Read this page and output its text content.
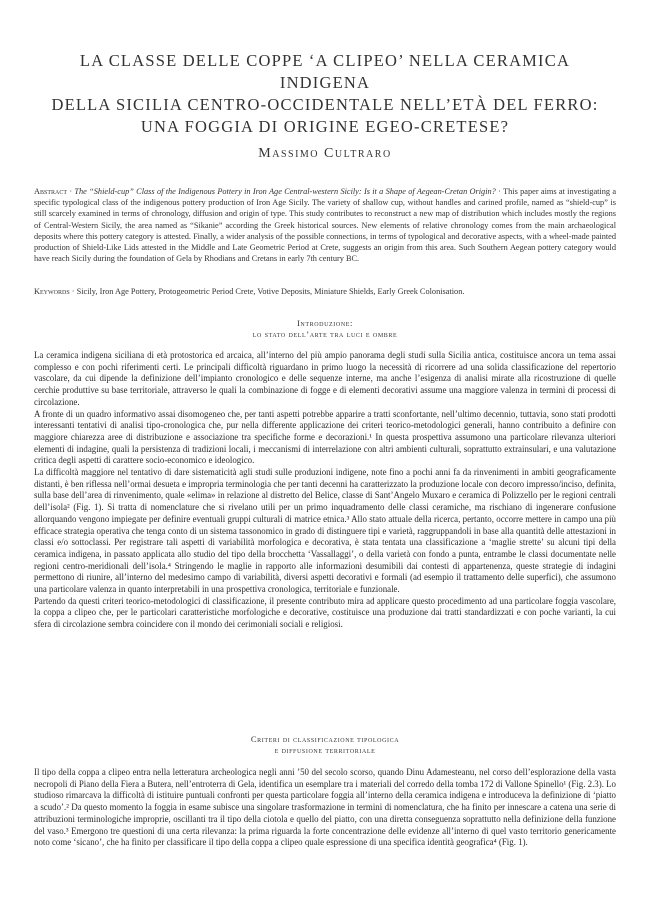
LA CLASSE DELLE COPPE ‘A CLIPEO’ NELLA CERAMICA
INDIGENA
DELLA SICILIA CENTRO-OCCIDENTALE NELL’ETÀ DEL FERRO:
UNA FOGGIA DI ORIGINE EGEO-CRETESE?
Massimo Cultraro
Abstract · The “Shield-cup” Class of the Indigenous Pottery in Iron Age Central-western Sicily: Is it a Shape of Aegean-Cretan Origin? · This paper aims at investigating a specific typological class of the indigenous pottery production of Iron Age Sicily. The variety of shallow cup, without handles and carined profile, named as “shield-cup” is still scarcely examined in terms of chronology, diffusion and origin of type. This study contributes to reconstruct a new map of distribution which includes mostly the regions of Central-Western Sicily, the area named as “Sikanie” according the Greek historical sources. New elements of relative chronology comes from the main archaeological deposits where this pottery category is attested. Finally, a wider analysis of the possible connections, in terms of typological and decorative aspects, with a wheel-made painted production of Shield-Like Lids attested in the Middle and Late Geometric Period at Crete, suggests an origin from this area. Such Southern Aegean pottery category would have reach Sicily during the foundation of Gela by Rhodians and Cretans in early 7th century BC.
Keywords · Sicily, Iron Age Pottery, Protogeometric Period Crete, Votive Deposits, Miniature Shields, Early Greek Colonisation.
Introduzione:
lo stato dell’arte tra luci e ombre

La ceramica indigena siciliana di età protostorica ed arcaica, all’interno del più ampio panorama degli studi sulla Sicilia antica, costituisce ancora un tema assai complesso e con pochi riferimenti certi. Le principali difficoltà riguardano in primo luogo la necessità di ricorrere ad una solida classificazione del repertorio vascolare, da cui dipende la definizione dell’impianto cronologico e delle sequenze interne, ma anche l’esigenza di analisi mirate alla ricostruzione di quelle cerchie produttive su base territoriale, attraverso le quali la combinazione di fogge e di elementi decorativi assume una maggiore valenza in termini di processi di circolazione.

A fronte di un quadro informativo assai disomogeneo che, per tanti aspetti potrebbe apparire a tratti sconfortante, nell’ultimo decennio, tuttavia, sono stati prodotti interessanti tentativi di analisi tipo-cronologica che, pur nella differente applicazione dei criteri teorico-metodologici generali, hanno contribuito a definire con maggiore chiarezza aree di distribuzione e associazione tra specifiche forme e decorazioni.¹ In questa prospettiva assumono una particolare rilevanza ulteriori elementi di indagine, quali la persistenza di tradizioni locali, i meccanismi di interrelazione con altri ambienti culturali, soprattutto extrainsulari, e una valutazione critica degli aspetti di carattere socio-economico e ideologico.

La difficoltà maggiore nel tentativo di dare sistematicità agli studi sulle produzioni indigene, note fino a pochi anni fa da rinvenimenti in ambiti geograficamente distanti, è ben riflessa nell’ormai desueta e impropria terminologia che per tanti decenni ha caratterizzato la produzione locale con decoro impresso/inciso, definita, sulla base dell’area di rinvenimento, quale «elima» in relazione al distretto del Belice, classe di Sant’Angelo Muxaro e ceramica di Polizzello per le regioni centrali dell’isola² (Fig. 1). Si tratta di nomenclature che si rivelano utili per un primo inquadramento delle classi ceramiche, ma rischiano di ingenerare confusione allorquando vengono impiegate per definire eventuali gruppi culturali di matrice etnica.³ Allo stato attuale della ricerca, pertanto, occorre mettere in campo una più efficace strategia operativa che tenga conto di un sistema tassonomico in grado di distinguere tipi e varietà, raggruppandoli in base alla quantità delle attestazioni in classi e/o sottoclassi. Per registrare tali aspetti di variabilità morfologica e decorativa, è stata tentata una classificazione a ‘maglie strette’ su alcuni tipi della ceramica indigena, in passato applicata allo studio del tipo della brocchetta ‘Vassallaggi’, o della varietà con fondo a punta, entrambe le classi documentate nelle regioni centro-meridionali dell’isola.⁴ Stringendo le maglie in rapporto alle informazioni desumibili dai contesti di appartenenza, queste strategie di indagini permettono di riunire, all’interno del medesimo campo di variabilità, diversi aspetti decorativi e formali (ad esempio il trattamento delle superfici), che assumono una particolare valenza in quanto interpretabili in una prospettiva cronologica, territoriale e funzionale.

Partendo da questi criteri teorico-metodologici di classificazione, il presente contributo mira ad applicare questo procedimento ad una particolare foggia vascolare, la coppa a clipeo che, per le particolari caratteristiche morfologiche e decorative, costituisce una produzione dai tratti standardizzati e con poche varianti, la cui sfera di circolazione sembra coincidere con il mondo dei cerimoniali sociali e religiosi.

Criteri di classificazione tipologica
e diffusione territoriale

Il tipo della coppa a clipeo entra nella letteratura archeologica negli anni ’50 del secolo scorso, quando Dinu Adamesteanu, nel corso dell’esplorazione della vasta necropoli di Piano della Fiera a Butera, nell’entroterra di Gela, identifica un esemplare tra i materiali del corredo della tomba 172 di Vallone Spinello¹ (Fig. 2.3). Lo studioso rimarcava la difficoltà di istituire puntuali confronti per questa particolare foggia all’interno della ceramica indigena e introduceva la definizione di ‘piatto a scudo’.² Da questo momento la foggia in esame subisce una singolare trasformazione in termini di nomenclatura, che ha finito per innescare a catena una serie di attribuzioni terminologiche improprie, oscillanti tra il tipo della ciotola e quello del piatto, con una diretta conseguenza soprattutto nella definizione della funzione del vaso.³ Emergono tre questioni di una certa rilevanza: la prima riguarda la forte concentrazione delle evidenze all’interno di quel vasto territorio genericamente noto come ‘sicano’, che ha finito per classificare il tipo della coppa a clipeo quale espressione di una specifica identità geografica⁴ (Fig. 1).
